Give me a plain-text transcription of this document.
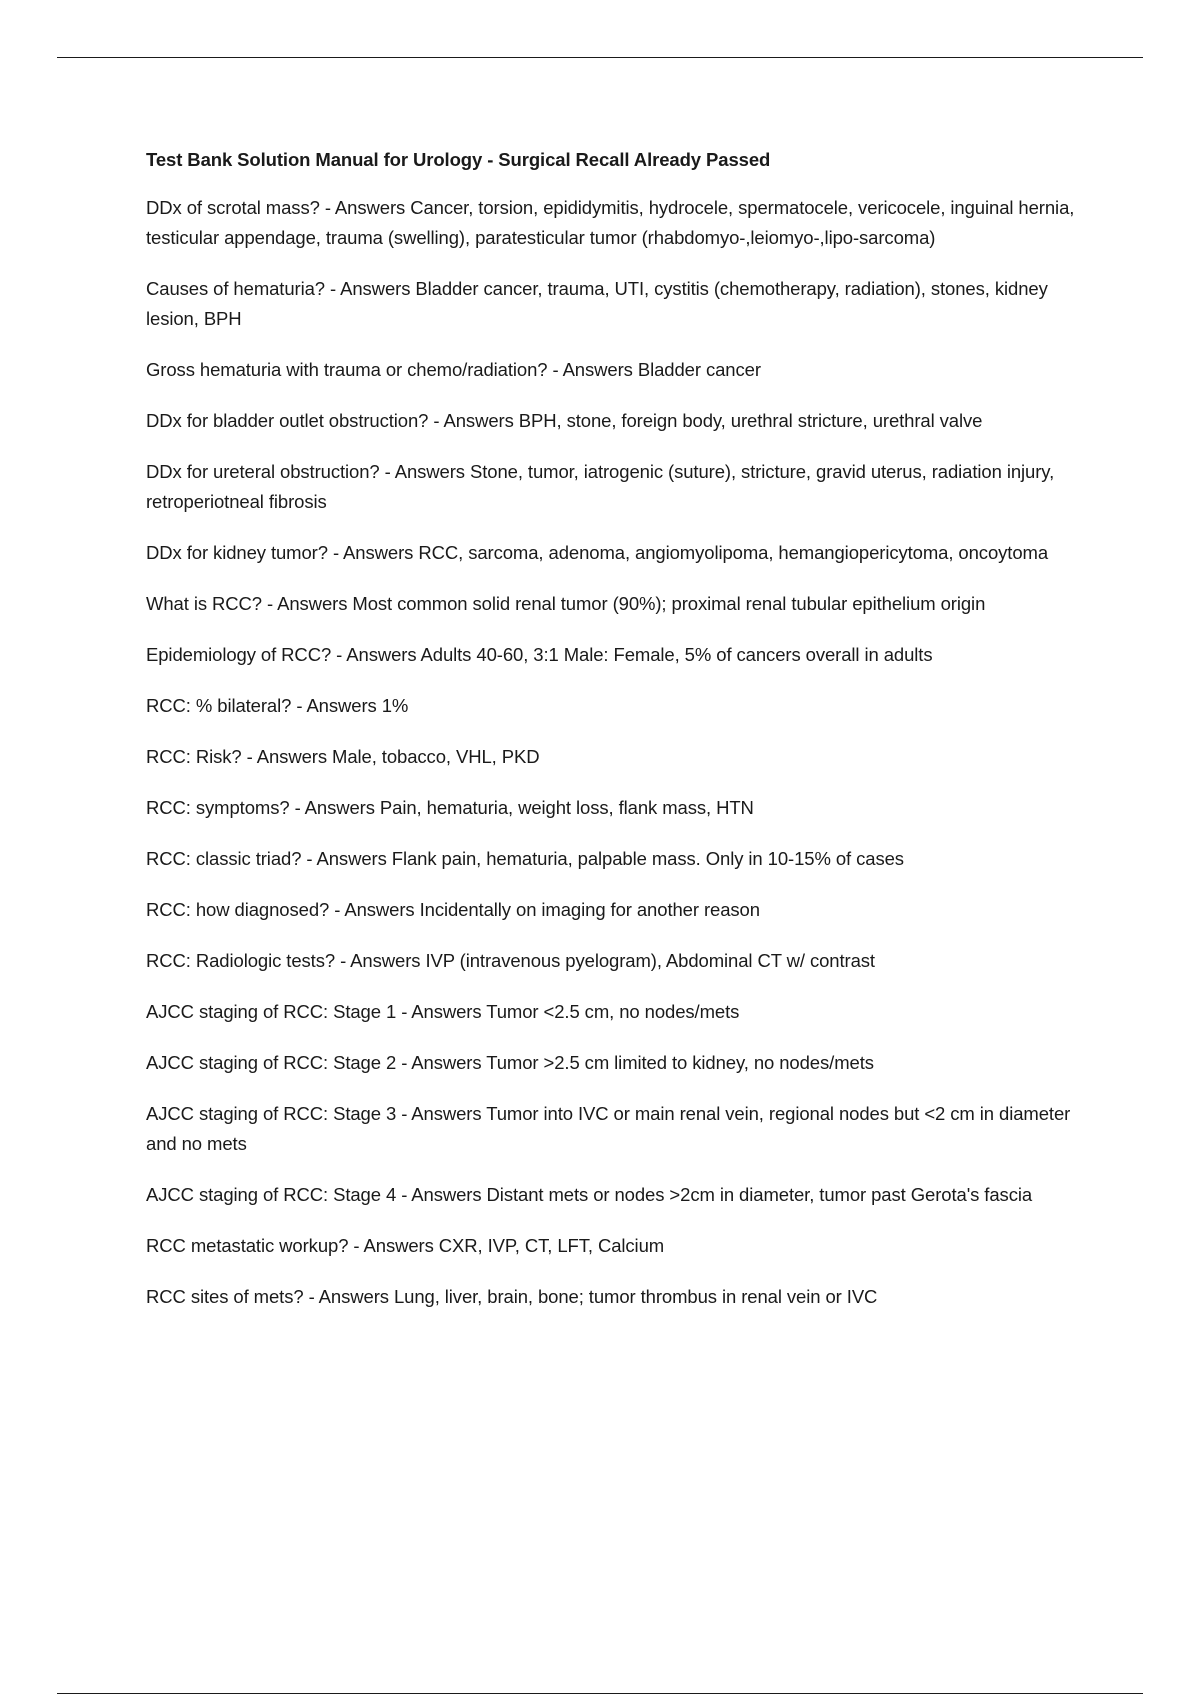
Test Bank Solution Manual for Urology - Surgical Recall Already Passed

DDx of scrotal mass? - Answers Cancer, torsion, epididymitis, hydrocele, spermatocele, vericocele, inguinal hernia, testicular appendage, trauma (swelling), paratesticular tumor (rhabdomyo-,leiomyo-,lipo-sarcoma)

Causes of hematuria? - Answers Bladder cancer, trauma, UTI, cystitis (chemotherapy, radiation), stones, kidney lesion, BPH

Gross hematuria with trauma or chemo/radiation? - Answers Bladder cancer

DDx for bladder outlet obstruction? - Answers BPH, stone, foreign body, urethral stricture, urethral valve

DDx for ureteral obstruction? - Answers Stone, tumor, iatrogenic (suture), stricture, gravid uterus, radiation injury, retroperiotneal fibrosis

DDx for kidney tumor? - Answers RCC, sarcoma, adenoma, angiomyolipoma, hemangiopericytoma, oncoytoma

What is RCC? - Answers Most common solid renal tumor (90%); proximal renal tubular epithelium origin

Epidemiology of RCC? - Answers Adults 40-60, 3:1 Male: Female, 5% of cancers overall in adults

RCC: % bilateral? - Answers 1%

RCC: Risk? - Answers Male, tobacco, VHL, PKD

RCC: symptoms? - Answers Pain, hematuria, weight loss, flank mass, HTN

RCC: classic triad? - Answers Flank pain, hematuria, palpable mass. Only in 10-15% of cases

RCC: how diagnosed? - Answers Incidentally on imaging for another reason

RCC: Radiologic tests? - Answers IVP (intravenous pyelogram), Abdominal CT w/ contrast

AJCC staging of RCC: Stage 1 - Answers Tumor <2.5 cm, no nodes/mets

AJCC staging of RCC: Stage 2 - Answers Tumor >2.5 cm limited to kidney, no nodes/mets

AJCC staging of RCC: Stage 3 - Answers Tumor into IVC or main renal vein, regional nodes but <2 cm in diameter and no mets

AJCC staging of RCC: Stage 4 - Answers Distant mets or nodes >2cm in diameter, tumor past Gerota's fascia

RCC metastatic workup? - Answers CXR, IVP, CT, LFT, Calcium

RCC sites of mets? - Answers Lung, liver, brain, bone; tumor thrombus in renal vein or IVC
